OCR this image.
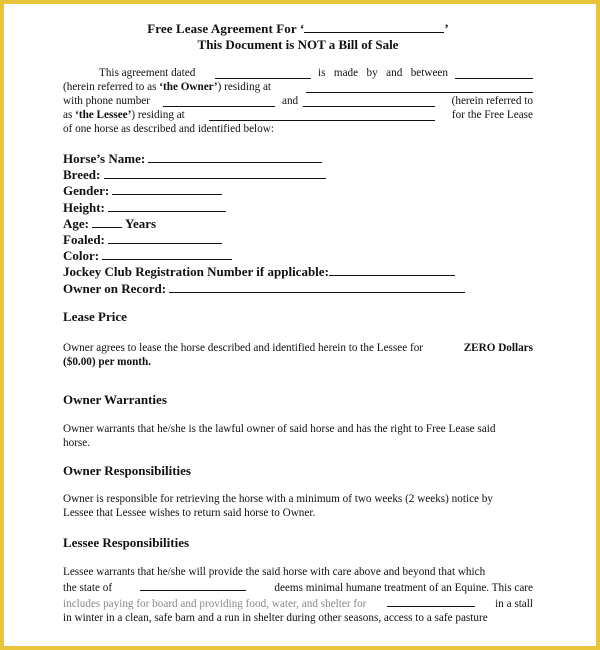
Free Lease Agreement For ‘	’
This Document is NOT a Bill of Sale
This agreement dated	is made by and between
(herein referred to as ‘the Owner’) residing at
with phone number	and	(herein referred to
as ‘the Lessee’) residing at	for the Free Lease
of one horse as described and identified below:
Horse’s Name:
Breed:
Gender:
Height:
Age:	Years
Foaled:
Color:
Jockey Club Registration Number if applicable:
Owner on Record:
Lease Price
Owner agrees to lease the horse described and identified herein to the Lessee for	ZERO Dollars
($0.00) per month.
Owner Warranties
Owner warrants that he/she is the lawful owner of said horse and has the right to Free Lease said
horse.
Owner Responsibilities
Owner is responsible for retrieving the horse with a minimum of two weeks (2 weeks) notice by
Lessee that Lessee wishes to return said horse to Owner.
Lessee Responsibilities
Lessee warrants that he/she will provide the said horse with care above and beyond that which
the state of	deems minimal humane treatment of an Equine. This care
includes paying for board and providing food, water, and shelter for	in a stall
in winter in a clean, safe barn and a run in shelter during other seasons, access to a safe pasture
